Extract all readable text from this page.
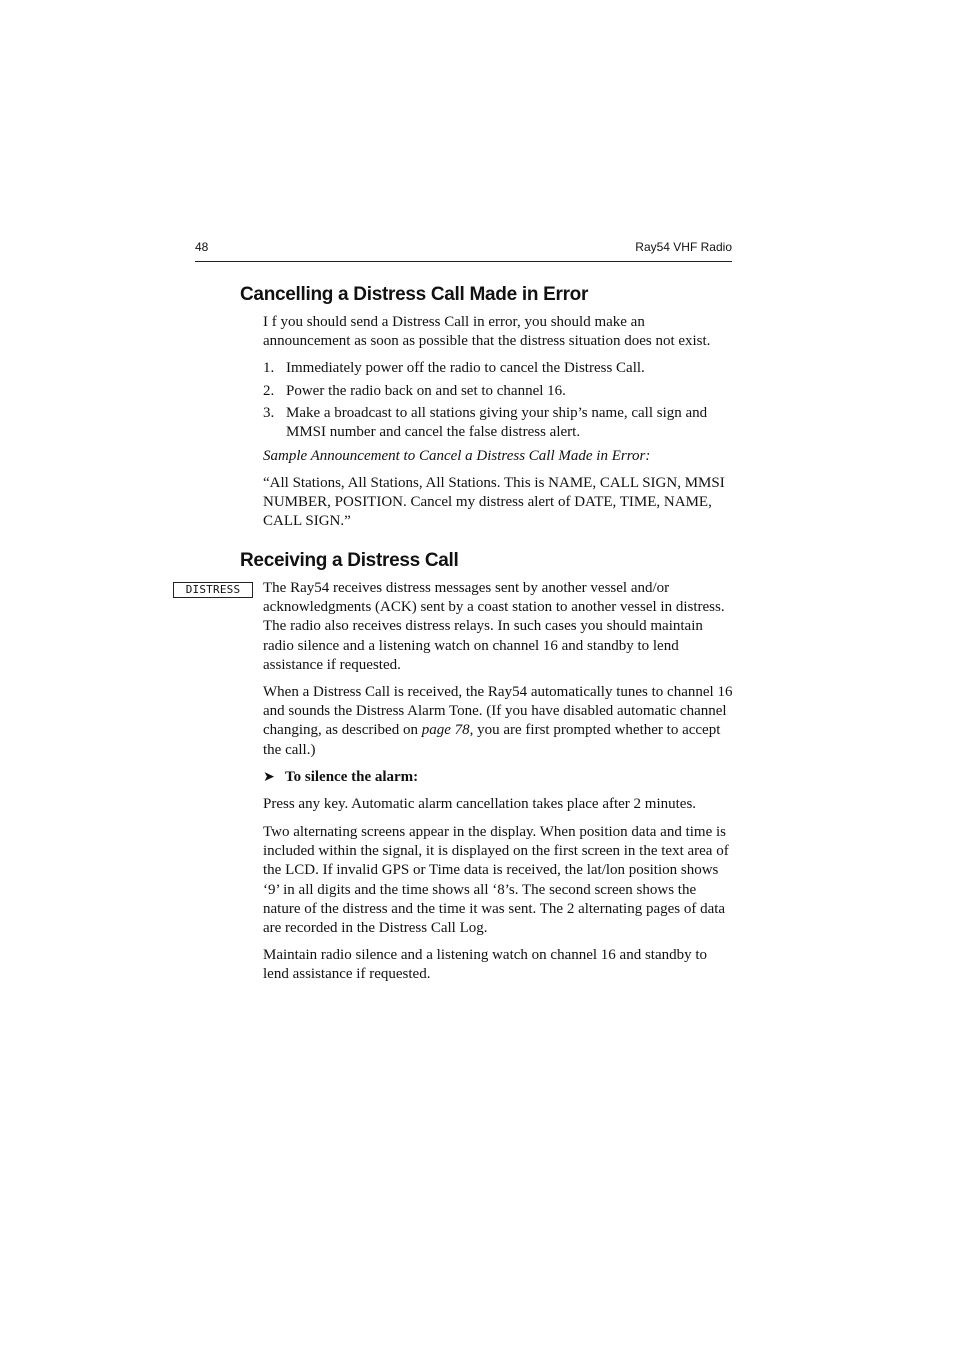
48	Ray54 VHF Radio
Cancelling a Distress Call Made in Error

I f you should send a Distress Call in error, you should make an announcement as soon as possible that the distress situation does not exist.

1. Immediately power off the radio to cancel the Distress Call.
2. Power the radio back on and set to channel 16.
3. Make a broadcast to all stations giving your ship’s name, call sign and MMSI number and cancel the false distress alert.

Sample Announcement to Cancel a Distress Call Made in Error:

“All Stations, All Stations, All Stations. This is NAME, CALL SIGN, MMSI NUMBER, POSITION. Cancel my distress alert of DATE, TIME, NAME, CALL SIGN.”

Receiving a Distress Call
DISTRESS	The Ray54 receives distress messages sent by another vessel and/or acknowledgments (ACK) sent by a coast station to another vessel in distress. The radio also receives distress relays. In such cases you should maintain radio silence and a listening watch on channel 16 and standby to lend assistance if requested.

When a Distress Call is received, the Ray54 automatically tunes to channel 16 and sounds the Distress Alarm Tone. (If you have disabled automatic channel changing, as described on page 78, you are first prompted whether to accept the call.)

➤ To silence the alarm:

Press any key. Automatic alarm cancellation takes place after 2 minutes.

Two alternating screens appear in the display. When position data and time is included within the signal, it is displayed on the first screen in the text area of the LCD. If invalid GPS or Time data is received, the lat/lon position shows ‘9’ in all digits and the time shows all ‘8’s. The second screen shows the nature of the distress and the time it was sent. The 2 alternating pages of data are recorded in the Distress Call Log.

Maintain radio silence and a listening watch on channel 16 and standby to lend assistance if requested.
